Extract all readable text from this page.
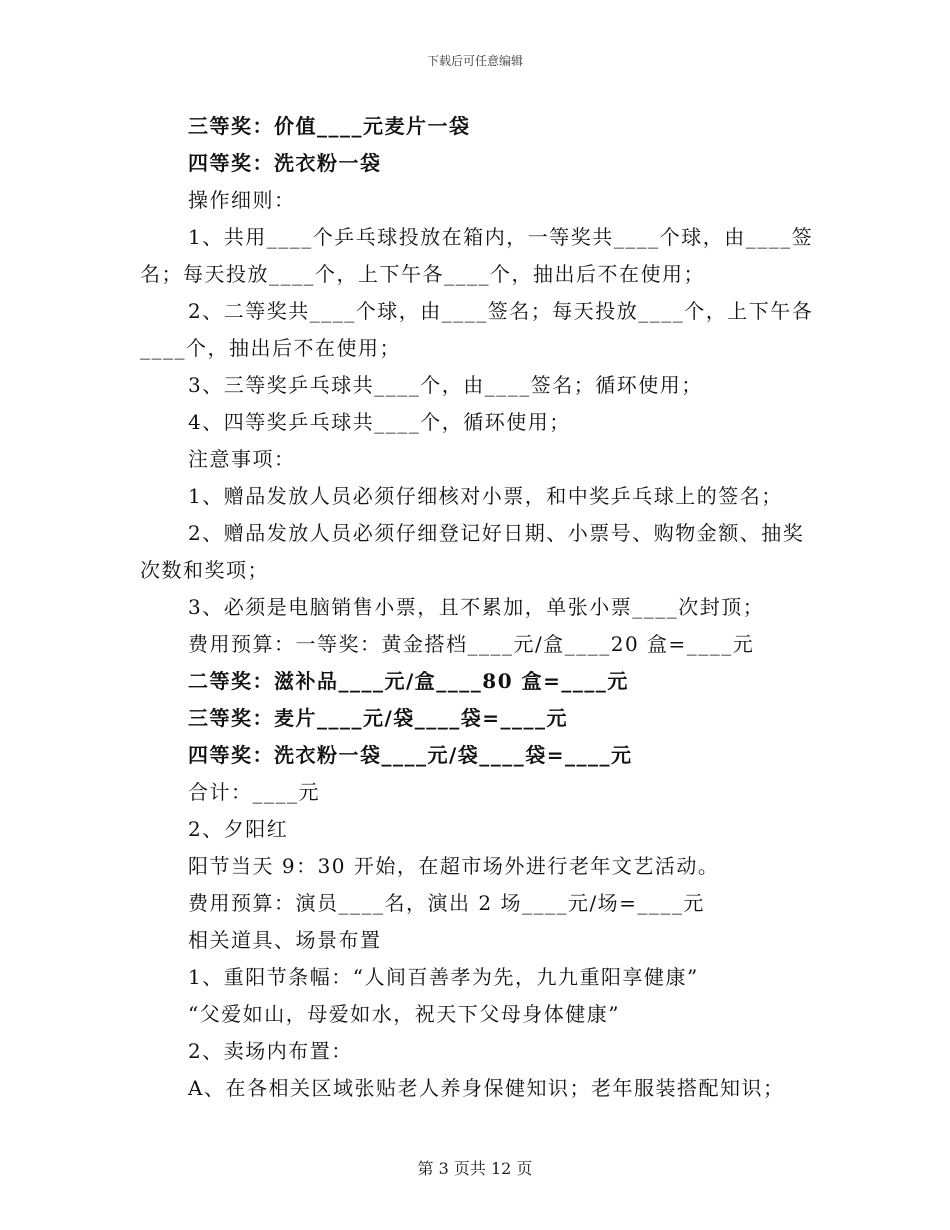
下载后可任意编辑
三等奖：价值____元麦片一袋
四等奖：洗衣粉一袋
操作细则：
1、共用____个乒乓球投放在箱内，一等奖共____个球，由____签
名；每天投放____个，上下午各____个，抽出后不在使用；
2、二等奖共____个球，由____签名；每天投放____个，上下午各
____个，抽出后不在使用；
3、三等奖乒乓球共____个，由____签名；循环使用；
4、四等奖乒乓球共____个，循环使用；
注意事项：
1、赠品发放人员必须仔细核对小票，和中奖乒乓球上的签名；
2、赠品发放人员必须仔细登记好日期、小票号、购物金额、抽奖
次数和奖项；
3、必须是电脑销售小票，且不累加，单张小票____次封顶；
费用预算：一等奖：黄金搭档____元/盒____20 盒=____元
二等奖：滋补品____元/盒____80 盒=____元
三等奖：麦片____元/袋____袋=____元
四等奖：洗衣粉一袋____元/袋____袋=____元
合计：____元
2、夕阳红
阳节当天 9：30 开始，在超市场外进行老年文艺活动。
费用预算：演员____名，演出 2 场____元/场=____元
相关道具、场景布置
1、重阳节条幅：“人间百善孝为先，九九重阳享健康”
“父爱如山，母爱如水，祝天下父母身体健康”
2、卖场内布置：
A、在各相关区域张贴老人养身保健知识；老年服装搭配知识；
第 3 页共 12 页
